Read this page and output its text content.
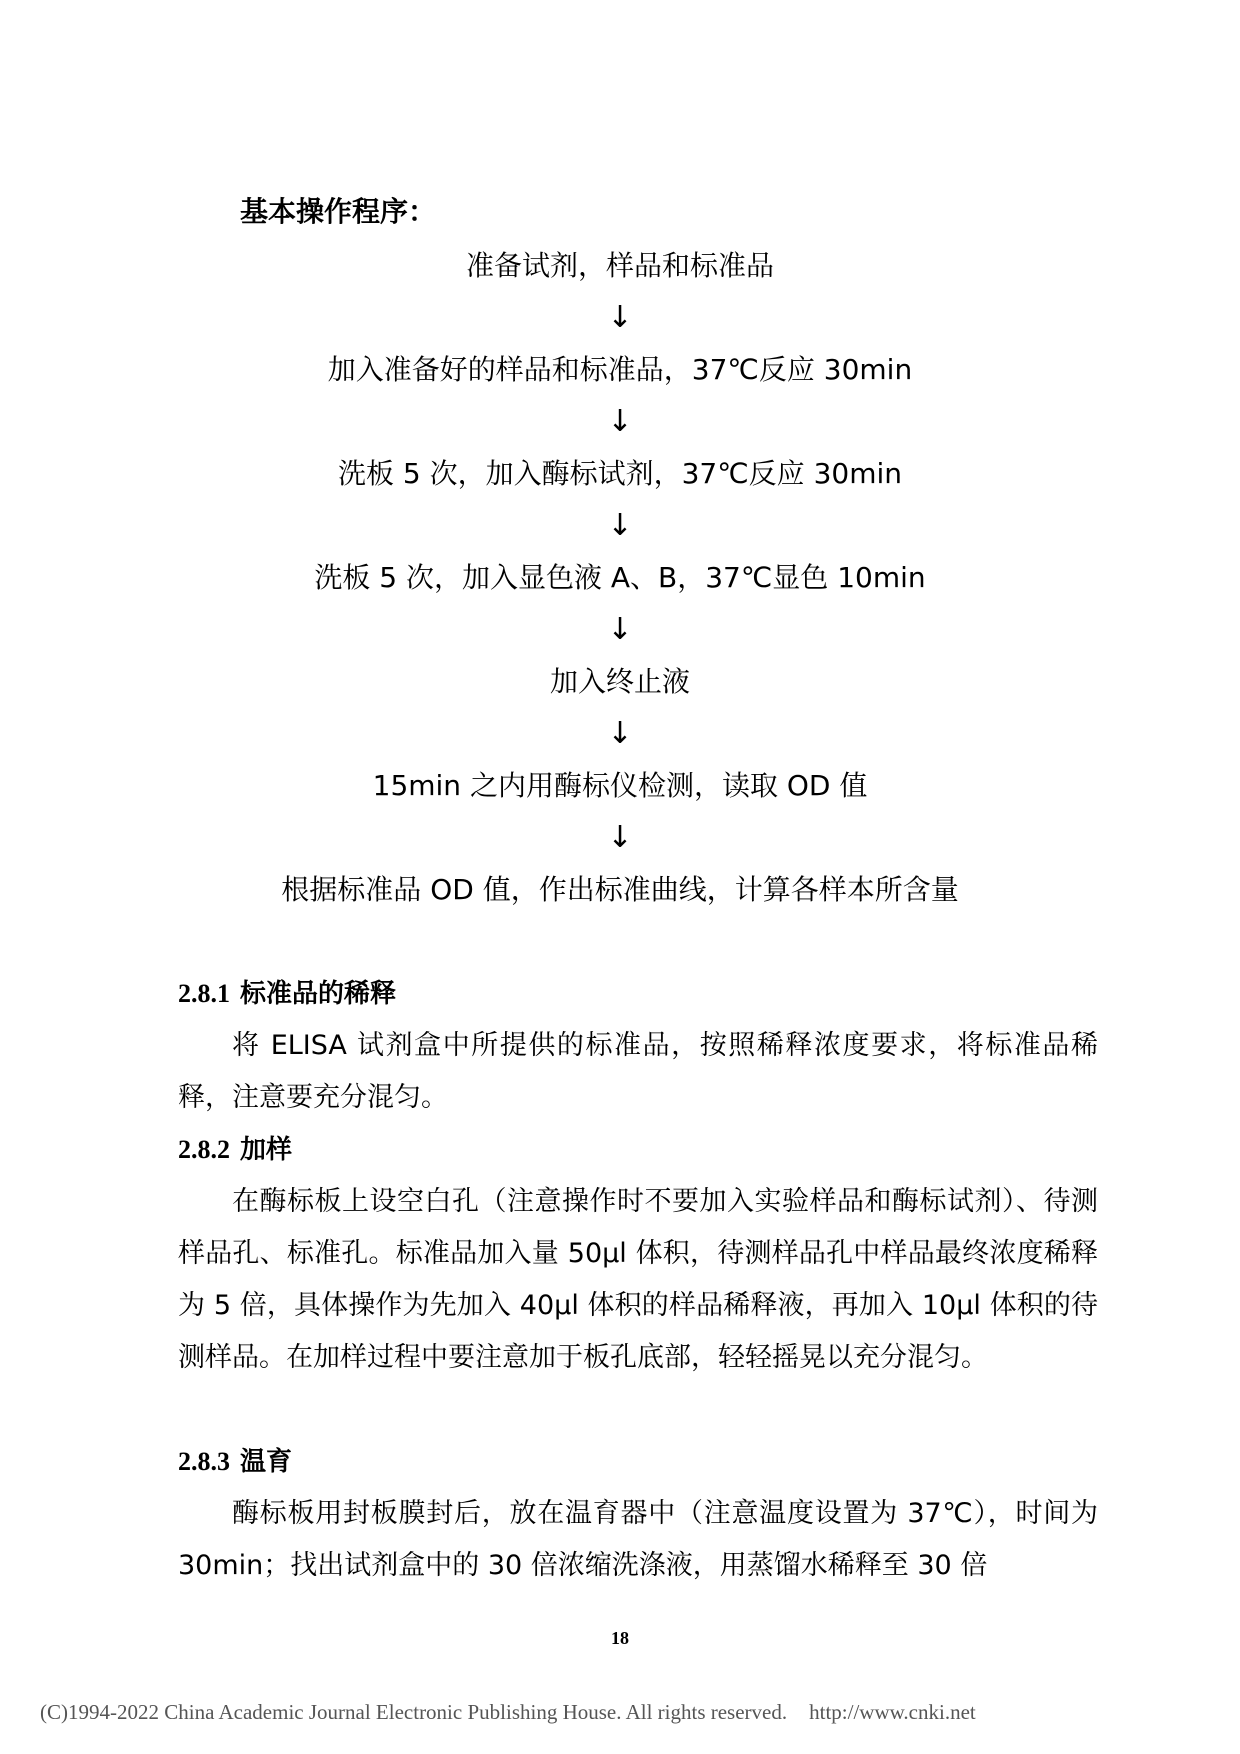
基本操作程序：
准备试剂，样品和标准品
↓
加入准备好的样品和标准品，37℃反应 30min
↓
洗板 5 次，加入酶标试剂，37℃反应 30min
↓
洗板 5 次，加入显色液 A、B，37℃显色 10min
↓
加入终止液
↓
15min 之内用酶标仪检测，读取 OD 值
↓
根据标准品 OD 值，作出标准曲线，计算各样本所含量
2.8.1 标准品的稀释

将 ELISA 试剂盒中所提供的标准品，按照稀释浓度要求，将标准品稀释，注意要充分混匀。

2.8.2 加样

在酶标板上设空白孔（注意操作时不要加入实验样品和酶标试剂）、待测样品孔、标准孔。标准品加入量 50μl 体积，待测样品孔中样品最终浓度稀释为 5 倍，具体操作为先加入 40μl 体积的样品稀释液，再加入 10μl 体积的待测样品。在加样过程中要注意加于板孔底部，轻轻摇晃以充分混匀。

2.8.3 温育

酶标板用封板膜封后，放在温育器中（注意温度设置为 37℃），时间为 30min；找出试剂盒中的 30 倍浓缩洗涤液，用蒸馏水稀释至 30 倍

18
(C)1994-2022 China Academic Journal Electronic Publishing House. All rights reserved. http://www.cnki.net
